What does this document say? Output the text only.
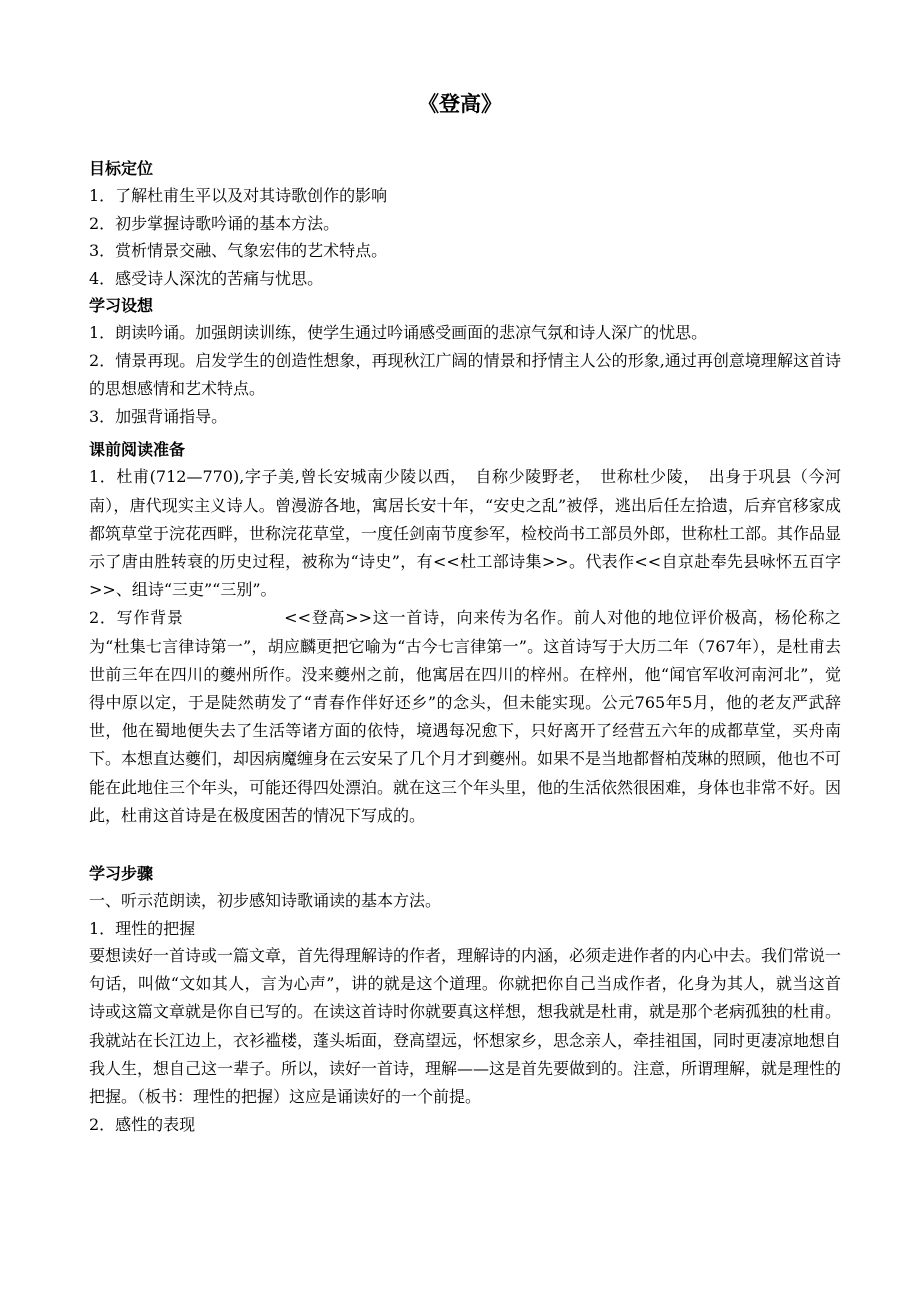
《登高》
目标定位
1．了解杜甫生平以及对其诗歌创作的影响
2．初步掌握诗歌吟诵的基本方法。
3．赏析情景交融、气象宏伟的艺术特点。
4．感受诗人深沈的苦痛与忧思。
学习设想
1．朗读吟诵。加强朗读训练，使学生通过吟诵感受画面的悲凉气氛和诗人深广的忧思。
2．情景再现。启发学生的创造性想象，再现秋江广阔的情景和抒情主人公的形象,通过再创意境理解这首诗的思想感情和艺术特点。
3．加强背诵指导。
课前阅读准备
1．杜甫(712—770),字子美,曾长安城南少陵以西，　自称少陵野老，　世称杜少陵，　出身于巩县（今河南），唐代现实主义诗人。曾漫游各地，寓居长安十年，“安史之乱”被俘，逃出后任左拾遗，后弃官移家成都筑草堂于浣花西畔，世称浣花草堂，一度任剑南节度参军，检校尚书工部员外郎，世称杜工部。其作品显示了唐由胜转衰的历史过程，被称为“诗史”，有<<杜工部诗集>>。代表作<<自京赴奉先县咏怀五百字>>、组诗“三吏”“三别”。
2．写作背景　　　　　　<<登高>>这一首诗，向来传为名作。前人对他的地位评价极高，杨伦称之为“杜集七言律诗第一”，胡应麟更把它喻为“古今七言律第一”。这首诗写于大历二年（767年），是杜甫去世前三年在四川的夔州所作。没来夔州之前，他寓居在四川的梓州。在梓州，他“闻官军收河南河北”，觉得中原以定，于是陡然萌发了“青春作伴好还乡”的念头，但未能实现。公元765年5月，他的老友严武辞世，他在蜀地便失去了生活等诸方面的依恃，境遇每况愈下，只好离开了经营五六年的成都草堂，买舟南下。本想直达夔们，却因病魔缠身在云安呆了几个月才到夔州。如果不是当地都督柏茂琳的照顾，他也不可能在此地住三个年头，可能还得四处漂泊。就在这三个年头里，他的生活依然很困难，身体也非常不好。因此，杜甫这首诗是在极度困苦的情况下写成的。
学习步骤
一、听示范朗读，初步感知诗歌诵读的基本方法。
1．理性的把握
要想读好一首诗或一篇文章，首先得理解诗的作者，理解诗的内涵，必须走进作者的内心中去。我们常说一句话，叫做“文如其人，言为心声”，讲的就是这个道理。你就把你自己当成作者，化身为其人，就当这首诗或这篇文章就是你自已写的。在读这首诗时你就要真这样想，想我就是杜甫，就是那个老病孤独的杜甫。我就站在长江边上，衣衫褴楼，蓬头垢面，登高望远，怀想家乡，思念亲人，牵挂祖国，同时更凄凉地想自我人生，想自己这一辈子。所以，读好一首诗，理解——这是首先要做到的。注意，所谓理解，就是理性的把握。（板书：理性的把握）这应是诵读好的一个前提。
2．感性的表现
